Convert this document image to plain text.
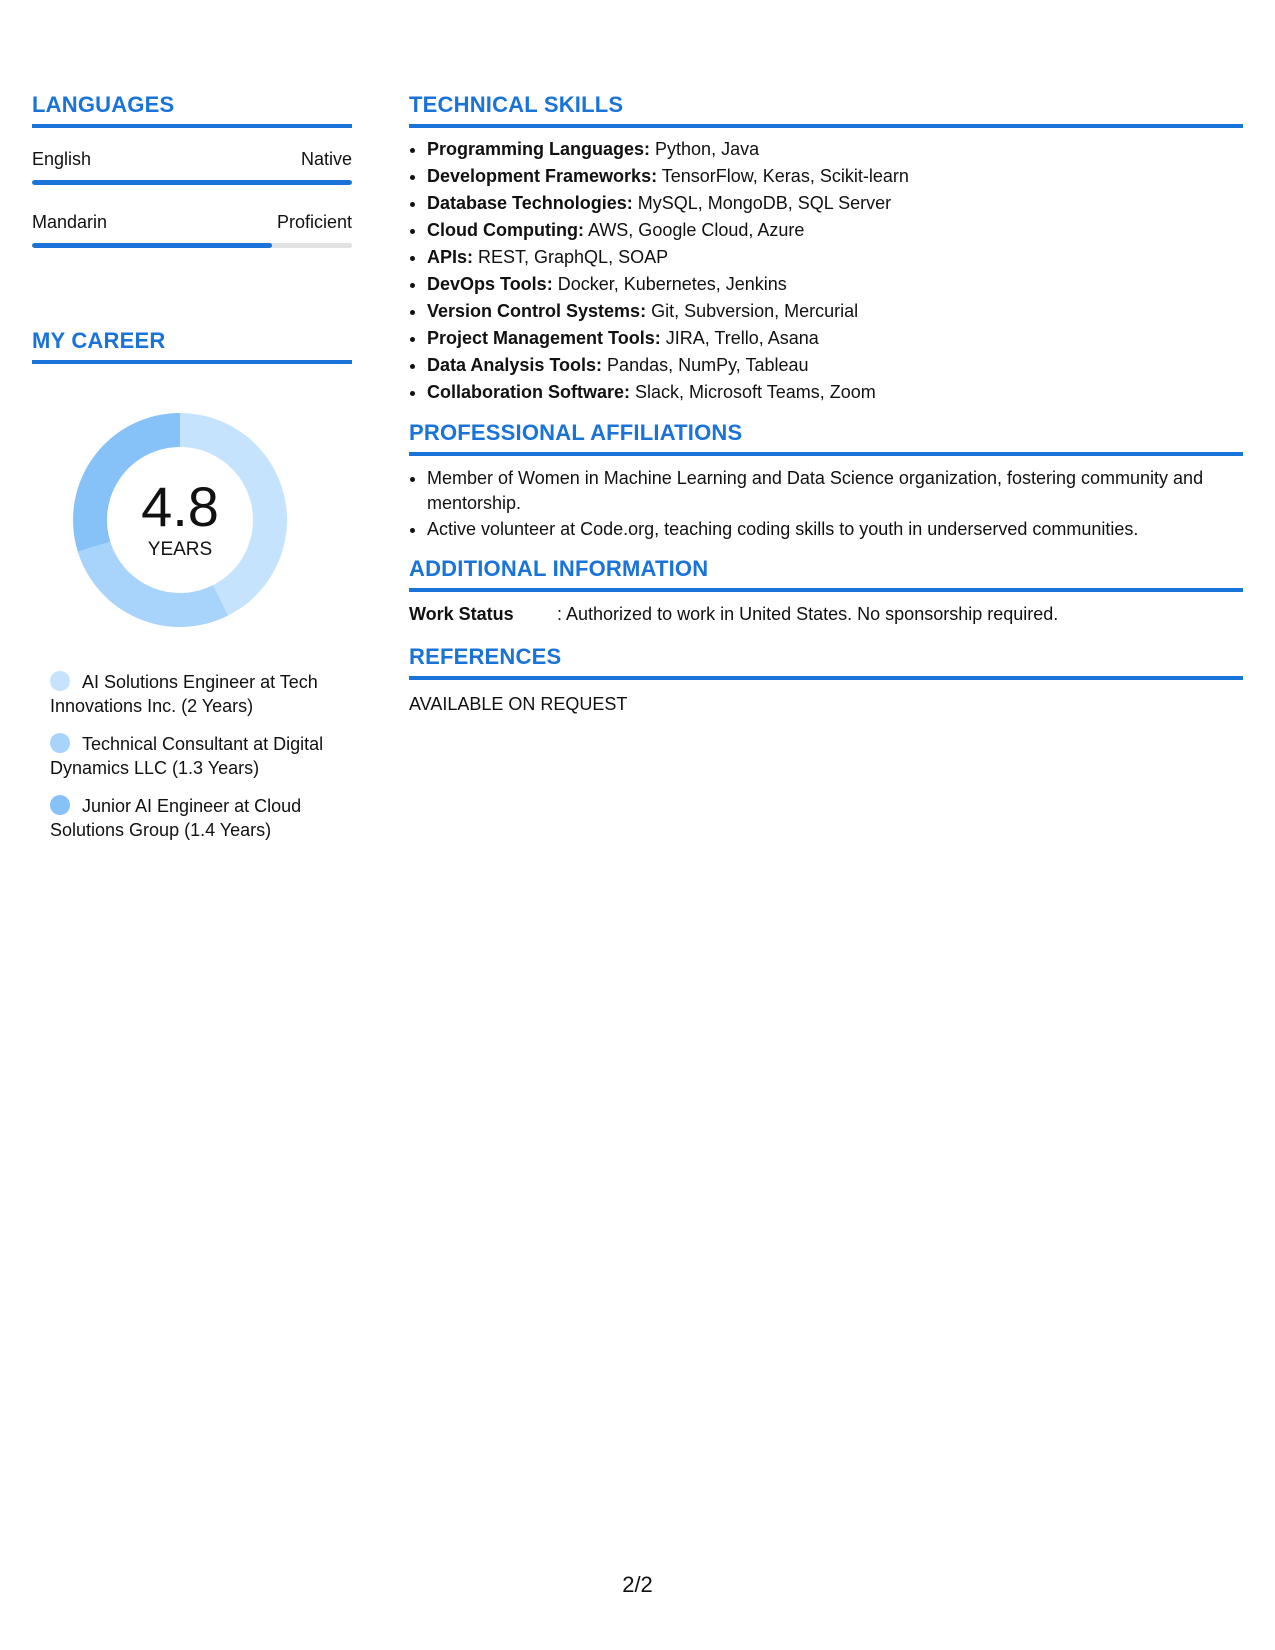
LANGUAGES
English	Native
Mandarin	Proficient
MY CAREER
4.8
YEARS
AI Solutions Engineer at Tech Innovations Inc. (2 Years)
Technical Consultant at Digital Dynamics LLC (1.3 Years)
Junior AI Engineer at Cloud Solutions Group (1.4 Years)
TECHNICAL SKILLS
• Programming Languages: Python, Java
• Development Frameworks: TensorFlow, Keras, Scikit-learn
• Database Technologies: MySQL, MongoDB, SQL Server
• Cloud Computing: AWS, Google Cloud, Azure
• APIs: REST, GraphQL, SOAP
• DevOps Tools: Docker, Kubernetes, Jenkins
• Version Control Systems: Git, Subversion, Mercurial
• Project Management Tools: JIRA, Trello, Asana
• Data Analysis Tools: Pandas, NumPy, Tableau
• Collaboration Software: Slack, Microsoft Teams, Zoom
PROFESSIONAL AFFILIATIONS
• Member of Women in Machine Learning and Data Science organization, fostering community and mentorship.
• Active volunteer at Code.org, teaching coding skills to youth in underserved communities.
ADDITIONAL INFORMATION
Work Status	: Authorized to work in United States. No sponsorship required.
REFERENCES
AVAILABLE ON REQUEST
2/2
